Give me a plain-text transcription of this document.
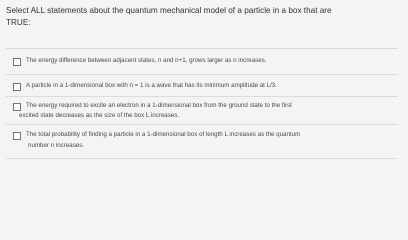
Select ALL statements about the quantum mechanical model of a particle in a box that are
TRUE:
The energy difference between adjacent states, n and n+1, grows larger as n increases.
A particle in a 1-dimensional box with n = 1 is a wave that has its minimum amplitude at L/3.
The energy required to excite an electron in a 1-dimensional box from the ground state to the first
excited state decreases as the size of the box L increases.
The total probability of finding a particle in a 1-dimensional box of length L increases as the quantum
number n increases.
